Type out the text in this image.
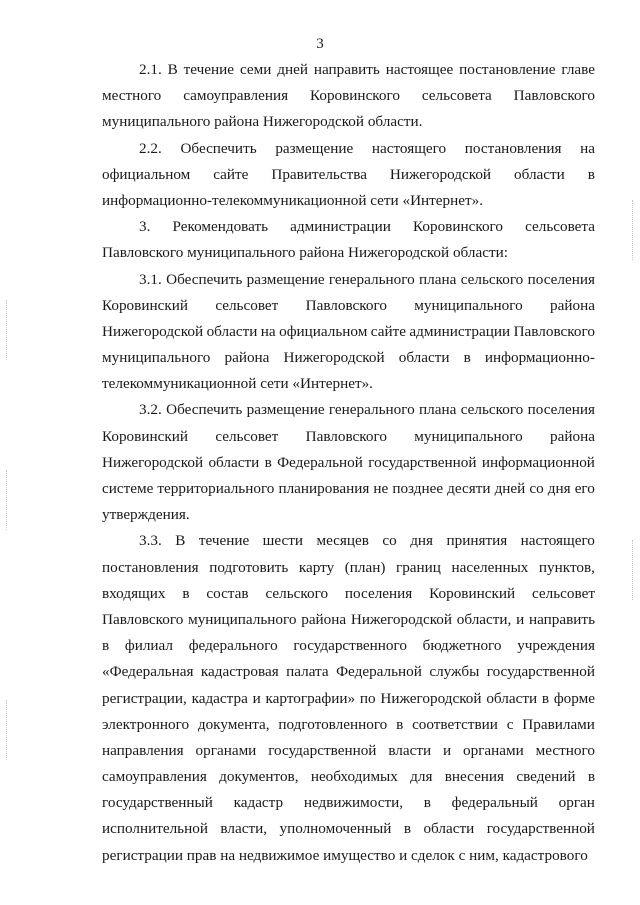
3
2.1. В течение семи дней направить настоящее постановление главе
местного самоуправления Коровинского сельсовета Павловского
муниципального района Нижегородской области.
2.2. Обеспечить размещение настоящего постановления на
официальном сайте Правительства Нижегородской области в
информационно-телекоммуникационной сети «Интернет».
3. Рекомендовать администрации Коровинского сельсовета
Павловского муниципального района Нижегородской области:
3.1. Обеспечить размещение генерального плана сельского поселения
Коровинский сельсовет Павловского муниципального района
Нижегородской области на официальном сайте администрации Павловского
муниципального района Нижегородской области в информационно-
телекоммуникационной сети «Интернет».
3.2. Обеспечить размещение генерального плана сельского поселения
Коровинский сельсовет Павловского муниципального района
Нижегородской области в Федеральной государственной информационной
системе территориального планирования не позднее десяти дней со дня его
утверждения.
3.3. В течение шести месяцев со дня принятия настоящего
постановления подготовить карту (план) границ населенных пунктов,
входящих в состав сельского поселения Коровинский сельсовет
Павловского муниципального района Нижегородской области, и направить
в филиал федерального государственного бюджетного учреждения
«Федеральная кадастровая палата Федеральной службы государственной
регистрации, кадастра и картографии» по Нижегородской области в форме
электронного документа, подготовленного в соответствии с Правилами
направления органами государственной власти и органами местного
самоуправления документов, необходимых для внесения сведений в
государственный кадастр недвижимости, в федеральный орган
исполнительной власти, уполномоченный в области государственной
регистрации прав на недвижимое имущество и сделок с ним, кадастрового
